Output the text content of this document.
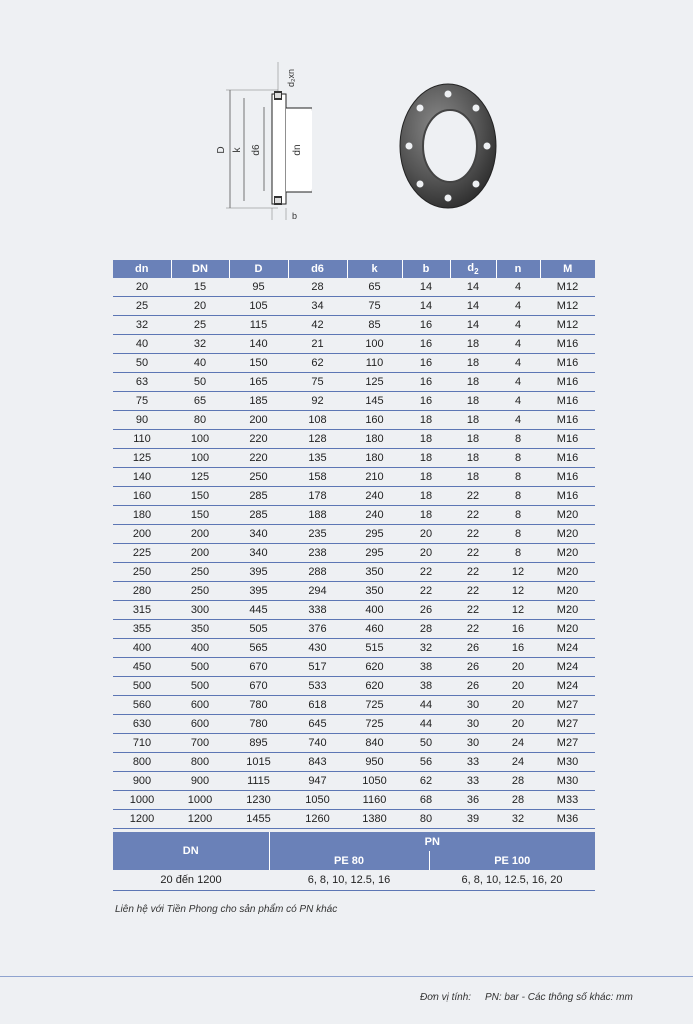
D k d6	dn
d₂xn
b
dn	DN	D	d6	k	b	$d_2$	n	M
20	15	95	28	65	14	14	4	M12
25	20	105	34	75	14	14	4	M12
32	25	115	42	85	16	14	4	M12
40	32	140	21	100	16	18	4	M16
50	40	150	62	110	16	18	4	M16
63	50	165	75	125	16	18	4	M16
75	65	185	92	145	16	18	4	M16
90	80	200	108	160	18	18	4	M16
110	100	220	128	180	18	18	8	M16
125	100	220	135	180	18	18	8	M16
140	125	250	158	210	18	18	8	M16
160	150	285	178	240	18	22	8	M16
180	150	285	188	240	18	22	8	M20
200	200	340	235	295	20	22	8	M20
225	200	340	238	295	20	22	8	M20
250	250	395	288	350	22	22	12	M20
280	250	395	294	350	22	22	12	M20
315	300	445	338	400	26	22	12	M20
355	350	505	376	460	28	22	16	M20
400	400	565	430	515	32	26	16	M24
450	500	670	517	620	38	26	20	M24
500	500	670	533	620	38	26	20	M24
560	600	780	618	725	44	30	20	M27
630	600	780	645	725	44	30	20	M27
710	700	895	740	840	50	30	24	M27
800	800	1015	843	950	56	33	24	M30
900	900	1115	947	1050	62	33	28	M30
1000	1000	1230	1050	1160	68	36	28	M33
1200	1200	1455	1260	1380	80	39	32	M36
DN	PN	
	PE 80	PE 100
20 đến 1200	6, 8, 10, 12.5, 16	6, 8, 10, 12.5, 16, 20
Liên hệ với Tiền Phong cho sản phẩm có PN khác
Đơn vị tính: PN: bar - Các thông số khác: mm
